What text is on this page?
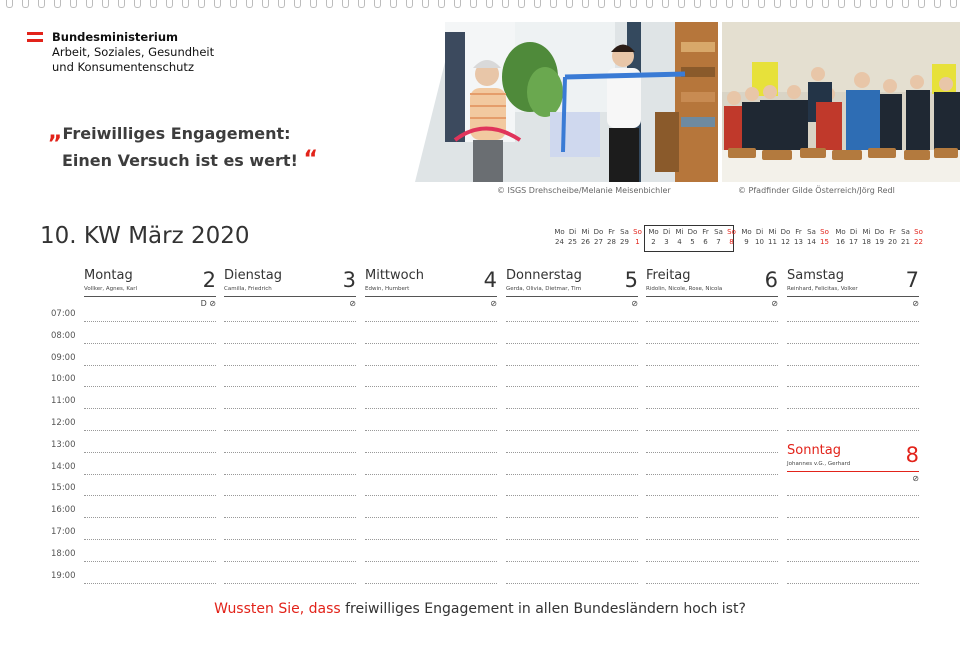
Bundesministerium
Arbeit, Soziales, Gesundheit
und Konsumentenschutz
„Freiwilliges Engagement:
Einen Versuch ist es wert! “
© ISGS Drehscheibe/Melanie Meisenbichler	© Pfadfinder Gilde Österreich/Jörg Redl
10. KW März 2020	Mo Di Mi Do Fr Sa So
24 25 26 27 28 29 1
Mo Di Mi Do Fr Sa So
2	3	4	5	6	7	8
Mo Di Mi Do Fr Sa So
9 10 11 12 13 14 15
Mo Di Mi Do Fr Sa So
16 17 18 19 20 21 22
Montag
Vollker, Agnes, Karl	2
D ⊘
Dienstag
Camilla, Friedrich	3
⊘
Mittwoch
Edwin, Humbert	4
⊘
Donnerstag
Gerda, Olivia, Dietmar, Tim 5
⊘
Freitag
Ridolin, Nicole, Rose, Nicola 6
⊘
Samstag
Reinhard, Felicitas, Volker 7
⊘
Sonntag
Johannes v.G., Gerhard	8
⊘
07:00
08:00
09:00
10:00
11:00
12:00
13:00
14:00
15:00
16:00
17:00
18:00
19:00
Wussten Sie, dass freiwilliges Engagement in allen Bundesländern hoch ist?
